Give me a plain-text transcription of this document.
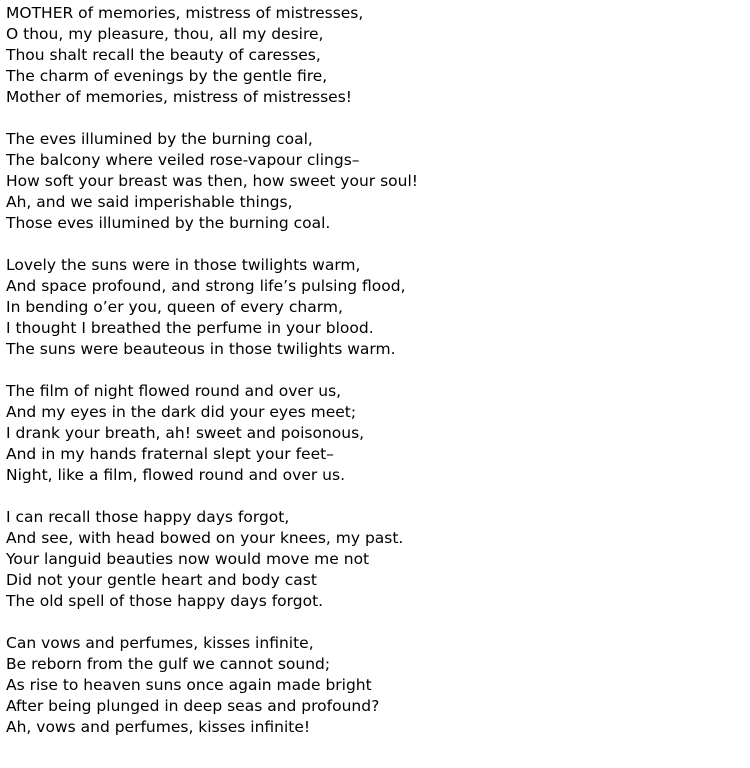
MOTHER of memories, mistress of mistresses,
O thou, my pleasure, thou, all my desire,
Thou shalt recall the beauty of caresses,
The charm of evenings by the gentle fire,
Mother of memories, mistress of mistresses!
The eves illumined by the burning coal,
The balcony where veiled rose-vapour clings–
How soft your breast was then, how sweet your soul!
Ah, and we said imperishable things,
Those eves illumined by the burning coal.
Lovely the suns were in those twilights warm,
And space profound, and strong life’s pulsing flood,
In bending o’er you, queen of every charm,
I thought I breathed the perfume in your blood.
The suns were beauteous in those twilights warm.
The film of night flowed round and over us,
And my eyes in the dark did your eyes meet;
I drank your breath, ah! sweet and poisonous,
And in my hands fraternal slept your feet–
Night, like a film, flowed round and over us.
I can recall those happy days forgot,
And see, with head bowed on your knees, my past.
Your languid beauties now would move me not
Did not your gentle heart and body cast
The old spell of those happy days forgot.
Can vows and perfumes, kisses infinite,
Be reborn from the gulf we cannot sound;
As rise to heaven suns once again made bright
After being plunged in deep seas and profound?
Ah, vows and perfumes, kisses infinite!
